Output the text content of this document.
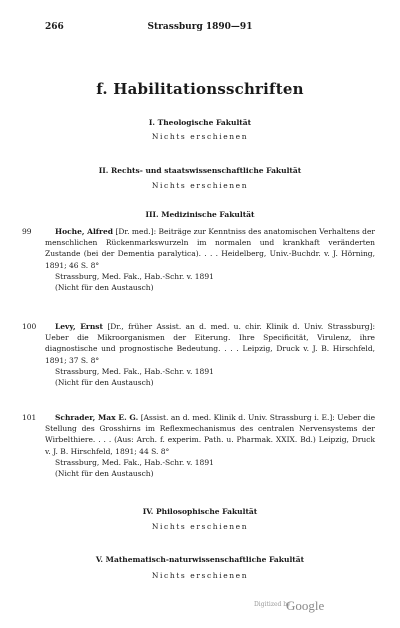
266	Strassburg 1890—91
f. Habilitationsschriften
I. Theologische Fakultät
Nichts erschienen
II. Rechts- und staatswissenschaftliche Fakultät
Nichts erschienen
III. Medizinische Fakultät
99	Hoche, Alfred [Dr. med.]: Beiträge zur Kenntniss des anatomischen Verhaltens der menschlichen Rückenmarkswurzeln im normalen und krankhaft veränderten Zustande (bei der Dementia paralytica). . . . Heidelberg, Univ.-Buchdr. v. J. Hörning, 1891; 46 S. 8°

Strassburg, Med. Fak., Hab.-Schr. v. 1891
(Nicht für den Austausch)
100	Levy, Ernst [Dr., früher Assist. an d. med. u. chir. Klinik d. Univ. Strassburg]: Ueber die Mikroorganismen der Eiterung. Ihre Specificität, Virulenz, ihre diagnostische und prognostische Bedeutung. . . . Leipzig, Druck v. J. B. Hirschfeld, 1891; 37 S. 8°

Strassburg, Med. Fak., Hab.-Schr. v. 1891
(Nicht für den Austausch)
101	Schrader, Max E. G. [Assist. an d. med. Klinik d. Univ. Strassburg i. E.]: Ueber die Stellung des Grosshirns im Reflexmechanismus des centralen Nervensystems der Wirbelthiere. . . . (Aus: Arch. f. experim. Path. u. Pharmak. XXIX. Bd.) Leipzig, Druck v. J. B. Hirschfeld, 1891; 44 S. 8°

Strassburg, Med. Fak., Hab.-Schr. v. 1891
(Nicht für den Austausch)
IV. Philosophische Fakultät
Nichts erschienen
V. Mathematisch-naturwissenschaftliche Fakultät
Nichts erschienen
Digitized by
Google
